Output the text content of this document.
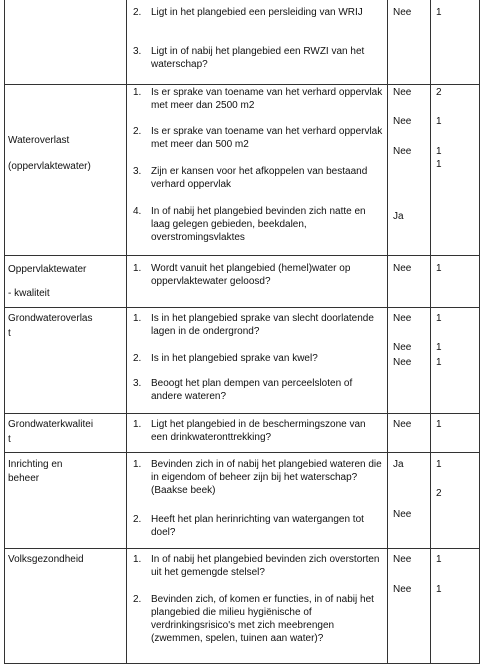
2. Ligt in het plangebied een persleiding van WRIJ
3. Ligt in of nabij het plangebied een RWZI van het waterschap?
Nee 1
Wateroverlast
(oppervlaktewater)
1. Is er sprake van toename van het verhard oppervlak met meer dan 2500 m2
2. Is er sprake van toename van het verhard oppervlak met meer dan 500 m2
3. Zijn er kansen voor het afkoppelen van bestaand verhard oppervlak
4. In of nabij het plangebied bevinden zich natte en laag gelegen gebieden, beekdalen, overstromingsvlaktes
Nee
Nee
Nee
Ja
2
1
1
1
Oppervlaktewater
- kwaliteit
1. Wordt vanuit het plangebied (hemel)water op oppervlaktewater geloosd?
Nee 1
Grondwateroverlas
t
1. Is in het plangebied sprake van slecht doorlatende lagen in de ondergrond?
2. Is in het plangebied sprake van kwel?
3. Beoogt het plan dempen van perceelsloten of andere wateren?
Nee
Nee
Nee
1
1
1
Grondwaterkwalitei
t
1. Ligt het plangebied in de beschermingszone van een drinkwateronttrekking?
Nee 1
Inrichting en
beheer
1. Bevinden zich in of nabij het plangebied wateren die in eigendom of beheer zijn bij het waterschap? (Baakse beek)
2. Heeft het plan herinrichting van watergangen tot doel?
Ja
Nee
1
2
Volksgezondheid	1. In of nabij het plangebied bevinden zich overstorten uit het gemengde stelsel?
2. Bevinden zich, of komen er functies, in of nabij het plangebied die milieu hygiënische of verdrinkingsrisico's met zich meebrengen (zwemmen, spelen, tuinen aan water)?
Nee
Nee
1
1
